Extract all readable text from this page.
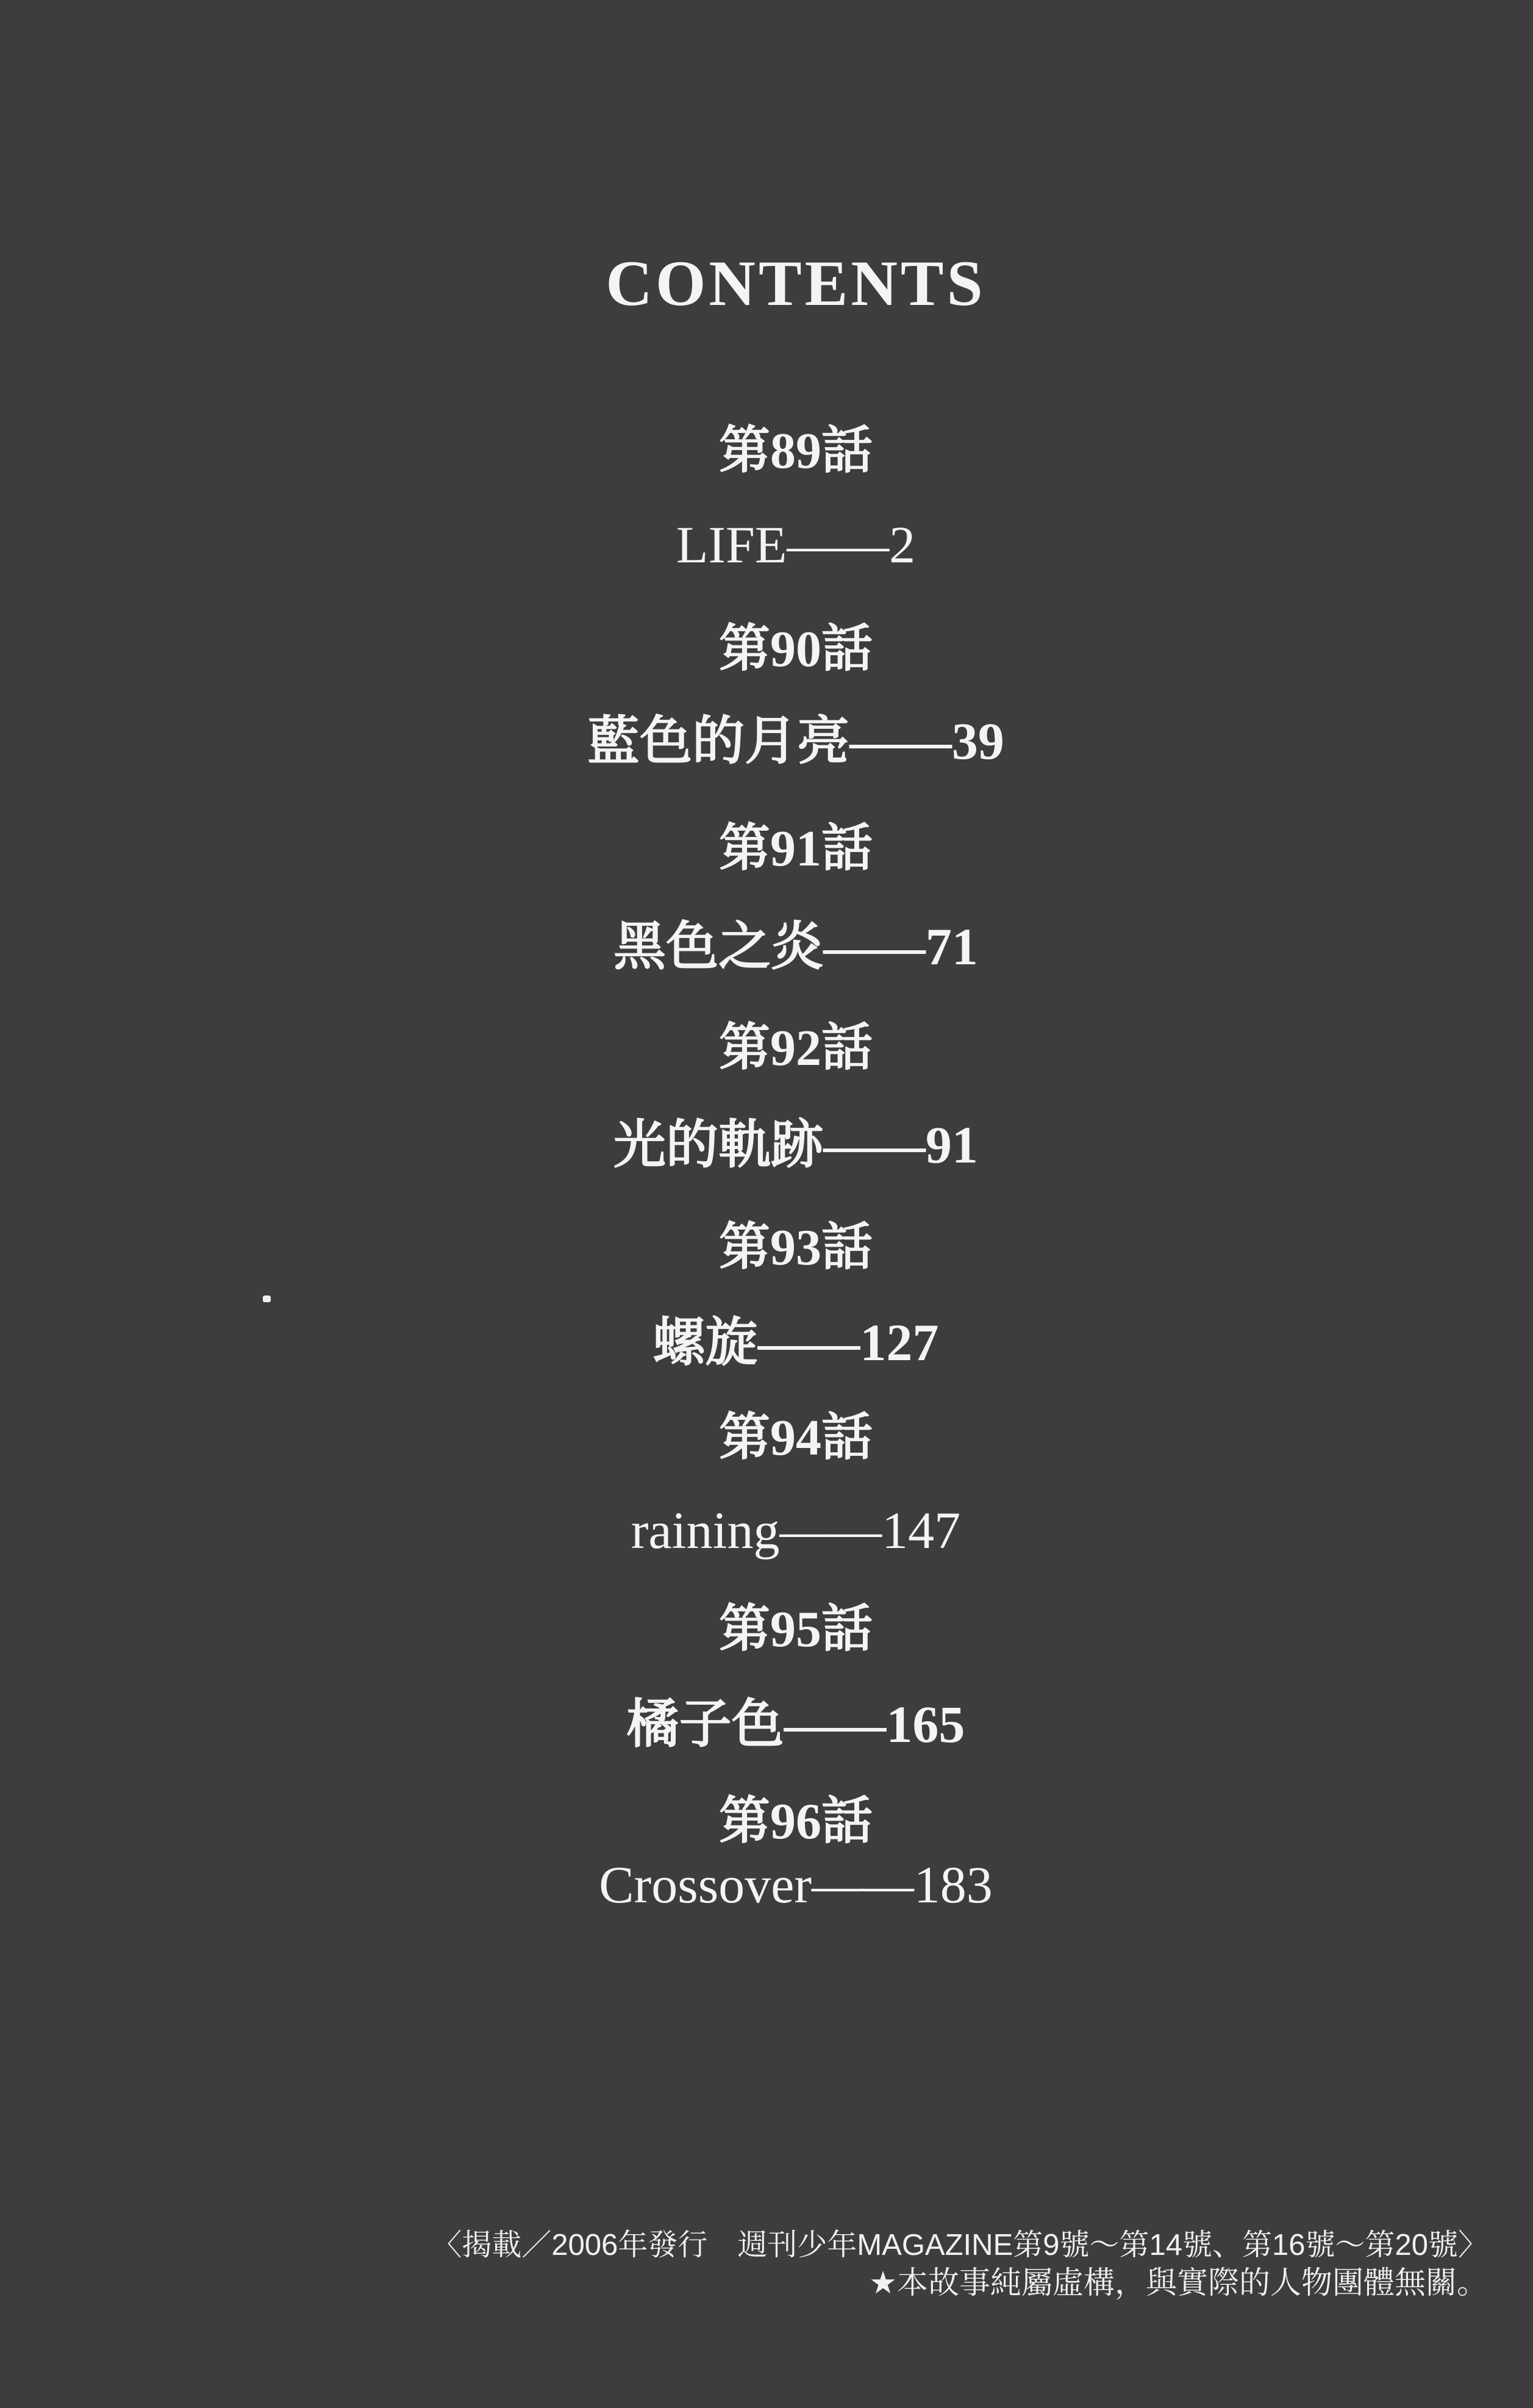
CONTENTS
第89話
LIFE——2
第90話
藍色的月亮——39
第91話
黑色之炎——71
第92話
光的軌跡——91
第93話
螺旋——127
第94話
raining——147
第95話
橘子色——165
第96話
Crossover——183
〈揭載／2006年發行　週刊少年MAGAZINE第9號〜第14號、第16號〜第20號〉
★本故事純屬虛構，與實際的人物團體無關。
